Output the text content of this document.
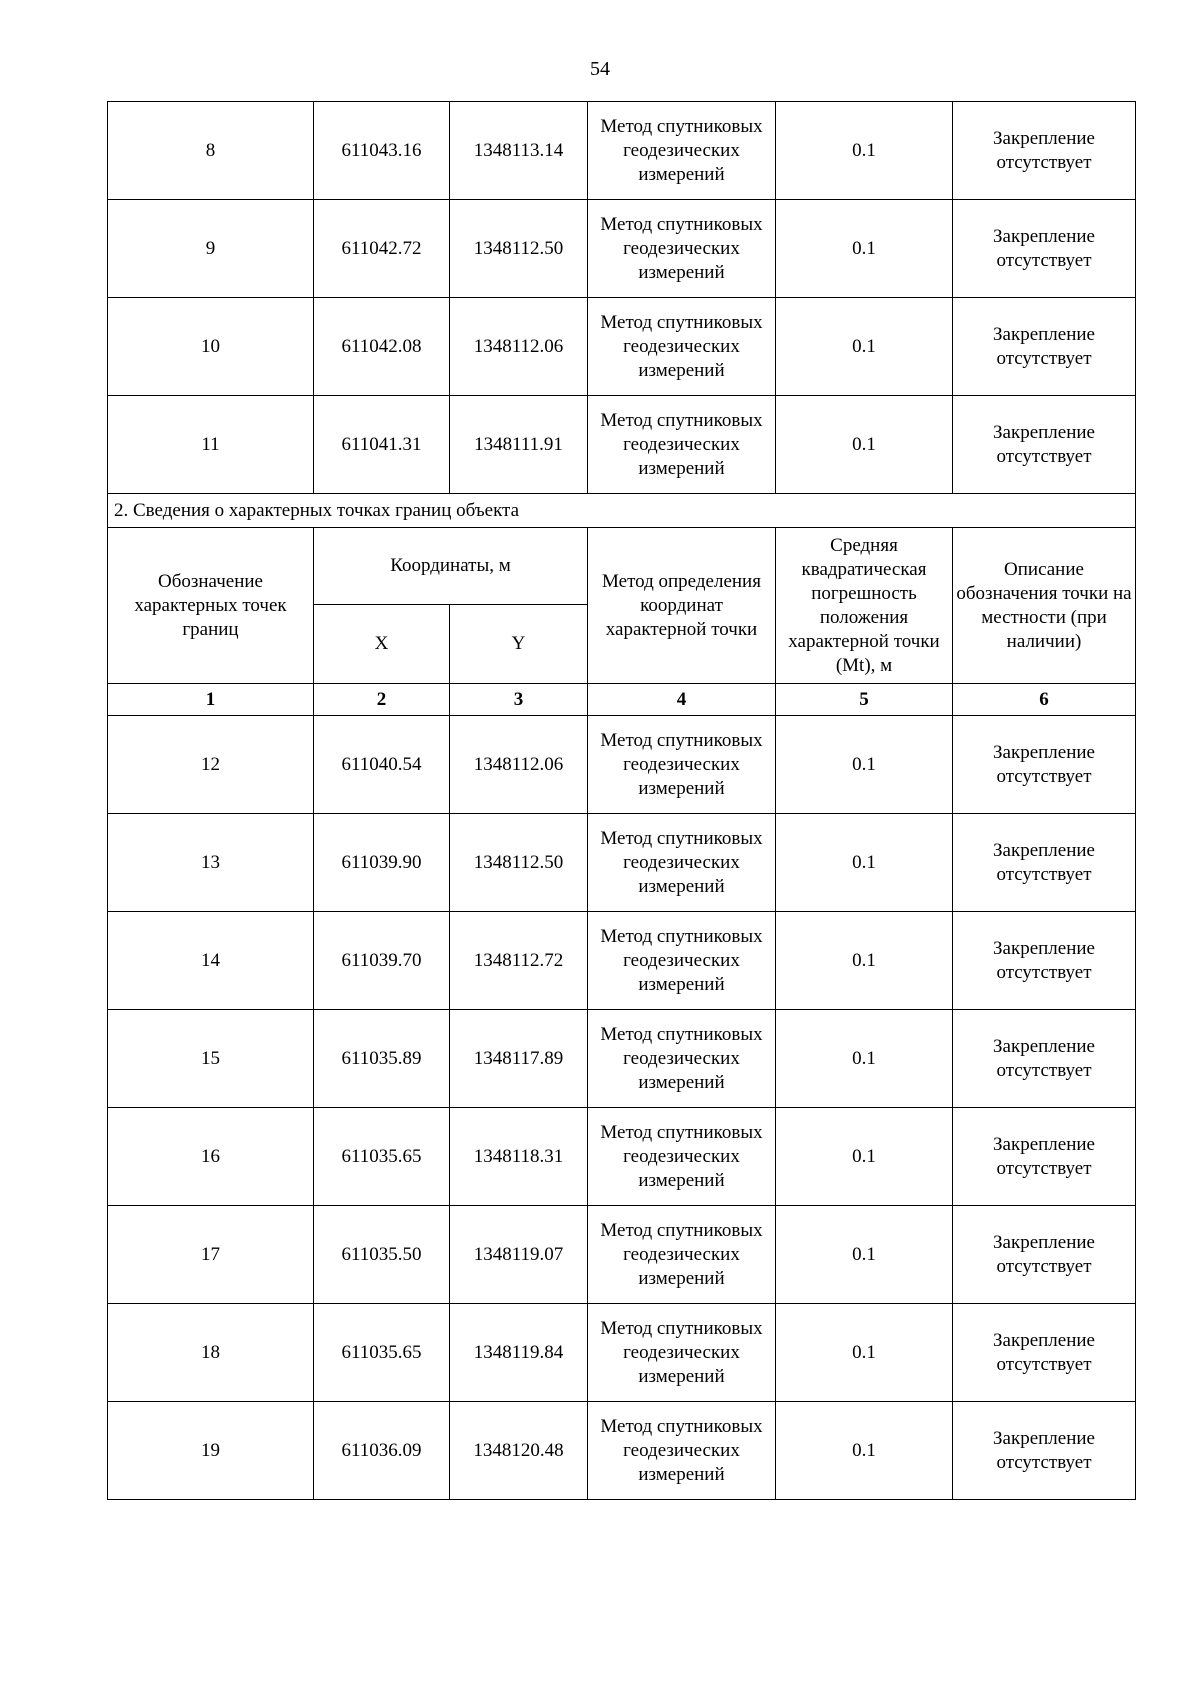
54
8	611043.16	1348113.14	Метод спутниковых геодезических измерений	0.1	Закрепление отсутствует
9	611042.72	1348112.50	Метод спутниковых геодезических измерений	0.1	Закрепление отсутствует
10	611042.08	1348112.06	Метод спутниковых геодезических измерений	0.1	Закрепление отсутствует
11	611041.31	1348111.91	Метод спутниковых геодезических измерений	0.1	Закрепление отсутствует
2. Сведения о характерных точках границ объекта					
Обозначение характерных точек границ	Координаты, м		Метод определения координат характерной точки	Средняя квадратическая погрешность положения характерной точки (Mt), м	Описание обозначения точки на местности (при наличии)
	X	Y			
1	2	3	4	5	6
12	611040.54	1348112.06	Метод спутниковых геодезических измерений	0.1	Закрепление отсутствует
13	611039.90	1348112.50	Метод спутниковых геодезических измерений	0.1	Закрепление отсутствует
14	611039.70	1348112.72	Метод спутниковых геодезических измерений	0.1	Закрепление отсутствует
15	611035.89	1348117.89	Метод спутниковых геодезических измерений	0.1	Закрепление отсутствует
16	611035.65	1348118.31	Метод спутниковых геодезических измерений	0.1	Закрепление отсутствует
17	611035.50	1348119.07	Метод спутниковых геодезических измерений	0.1	Закрепление отсутствует
18	611035.65	1348119.84	Метод спутниковых геодезических измерений	0.1	Закрепление отсутствует
19	611036.09	1348120.48	Метод спутниковых геодезических измерений	0.1	Закрепление отсутствует
